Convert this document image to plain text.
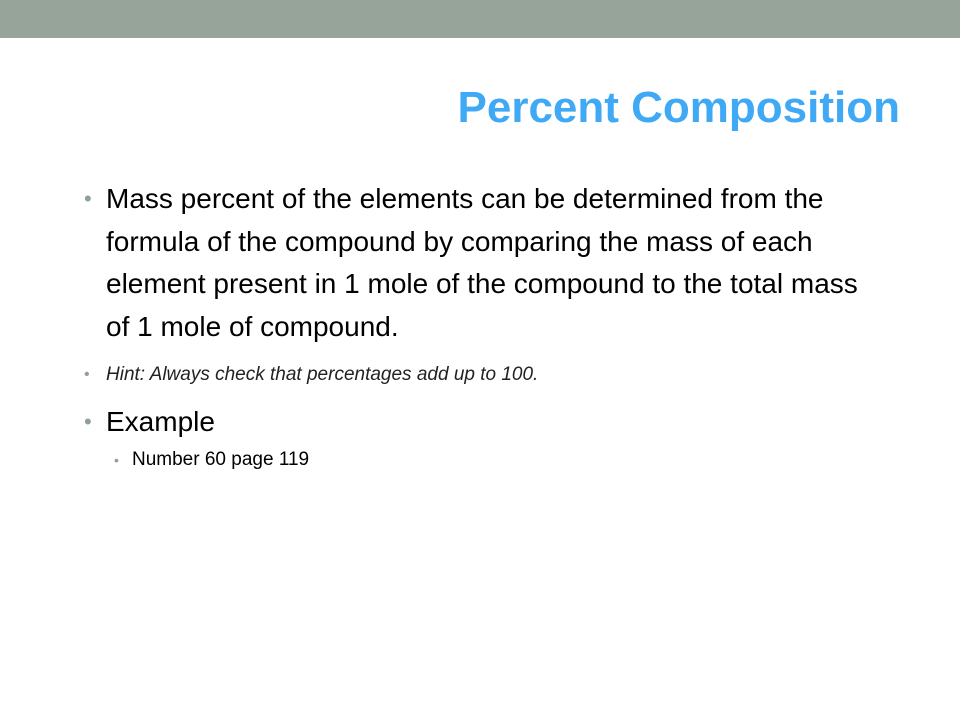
Percent Composition
• Mass percent of the elements can be determined from the formula of the compound by comparing the mass of each element present in 1 mole of the compound to the total mass of 1 mole of compound.
• Hint: Always check that percentages add up to 100.
• Example
• Number 60 page 119
